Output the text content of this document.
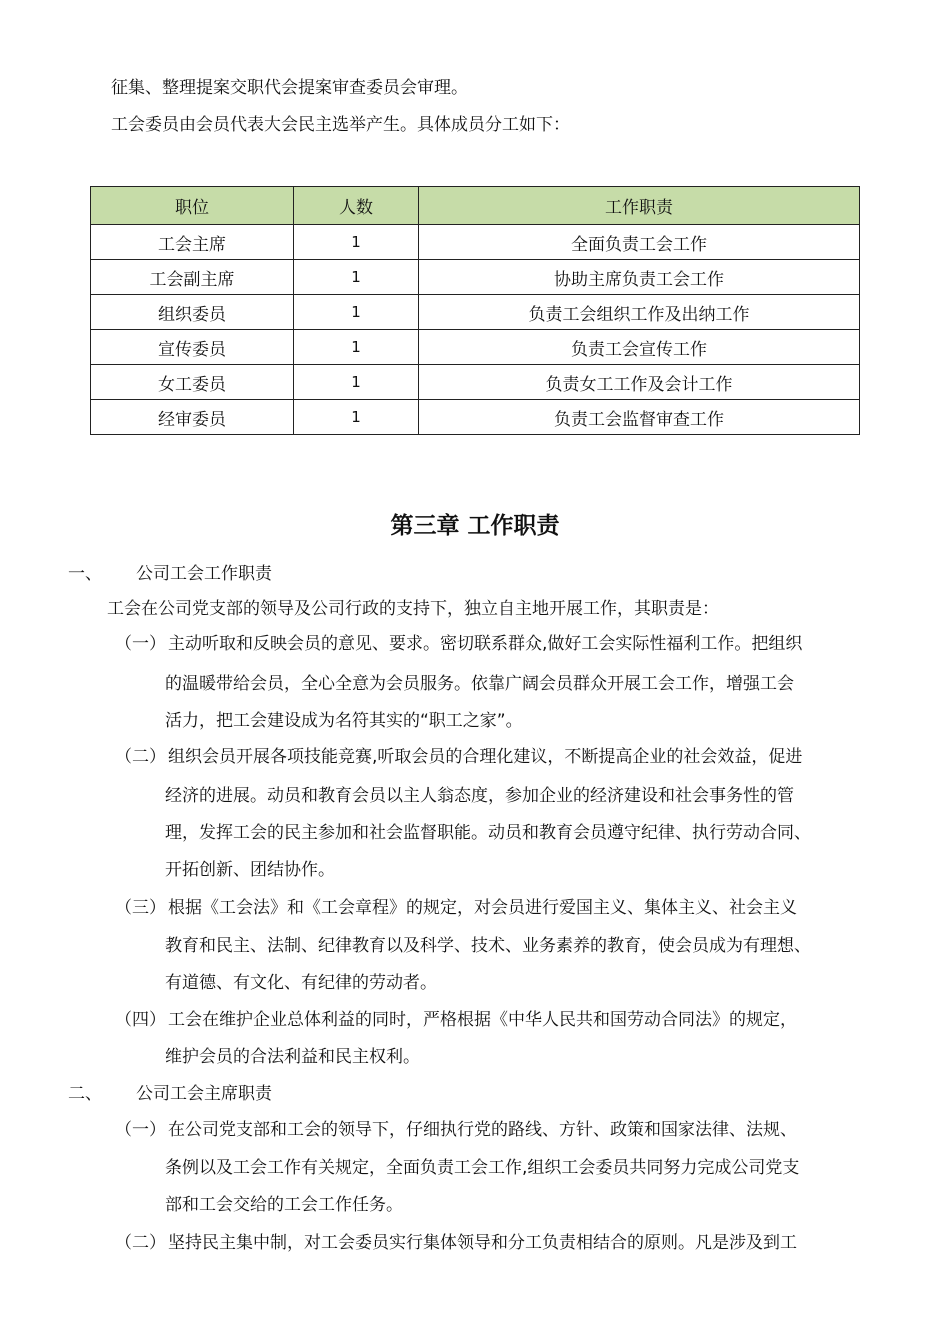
征集、整理提案交职代会提案审查委员会审理。
工会委员由会员代表大会民主选举产生。具体成员分工如下：
职位	人数	工作职责
工会主席	1	全面负责工会工作
工会副主席	1	协助主席负责工会工作
组织委员	1	负责工会组织工作及出纳工作
宣传委员	1	负责工会宣传工作
女工委员	1	负责女工工作及会计工作
经审委员	1	负责工会监督审查工作
第三章 工作职责
一、 公司工会工作职责
工会在公司党支部的领导及公司行政的支持下，独立自主地开展工作，其职责是：
（一） 主动听取和反映会员的意见、要求。密切联系群众,做好工会实际性福利工作。把组织
的温暖带给会员，全心全意为会员服务。依靠广阔会员群众开展工会工作，增强工会
活力，把工会建设成为名符其实的“职工之家”。
（二） 组织会员开展各项技能竞赛,听取会员的合理化建议，不断提高企业的社会效益，促进
经济的进展。动员和教育会员以主人翁态度，参加企业的经济建设和社会事务性的管
理，发挥工会的民主参加和社会监督职能。动员和教育会员遵守纪律、执行劳动合同、
开拓创新、团结协作。
（三） 根据《工会法》和《工会章程》的规定，对会员进行爱国主义、集体主义、社会主义
教育和民主、法制、纪律教育以及科学、技术、业务素养的教育，使会员成为有理想、
有道德、有文化、有纪律的劳动者。
（四） 工会在维护企业总体利益的同时，严格根据《中华人民共和国劳动合同法》的规定，
维护会员的合法利益和民主权利。
二、 公司工会主席职责
（一） 在公司党支部和工会的领导下，仔细执行党的路线、方针、政策和国家法律、法规、
条例以及工会工作有关规定，全面负责工会工作,组织工会委员共同努力完成公司党支
部和工会交给的工会工作任务。
（二） 坚持民主集中制，对工会委员实行集体领导和分工负责相结合的原则。凡是涉及到工
